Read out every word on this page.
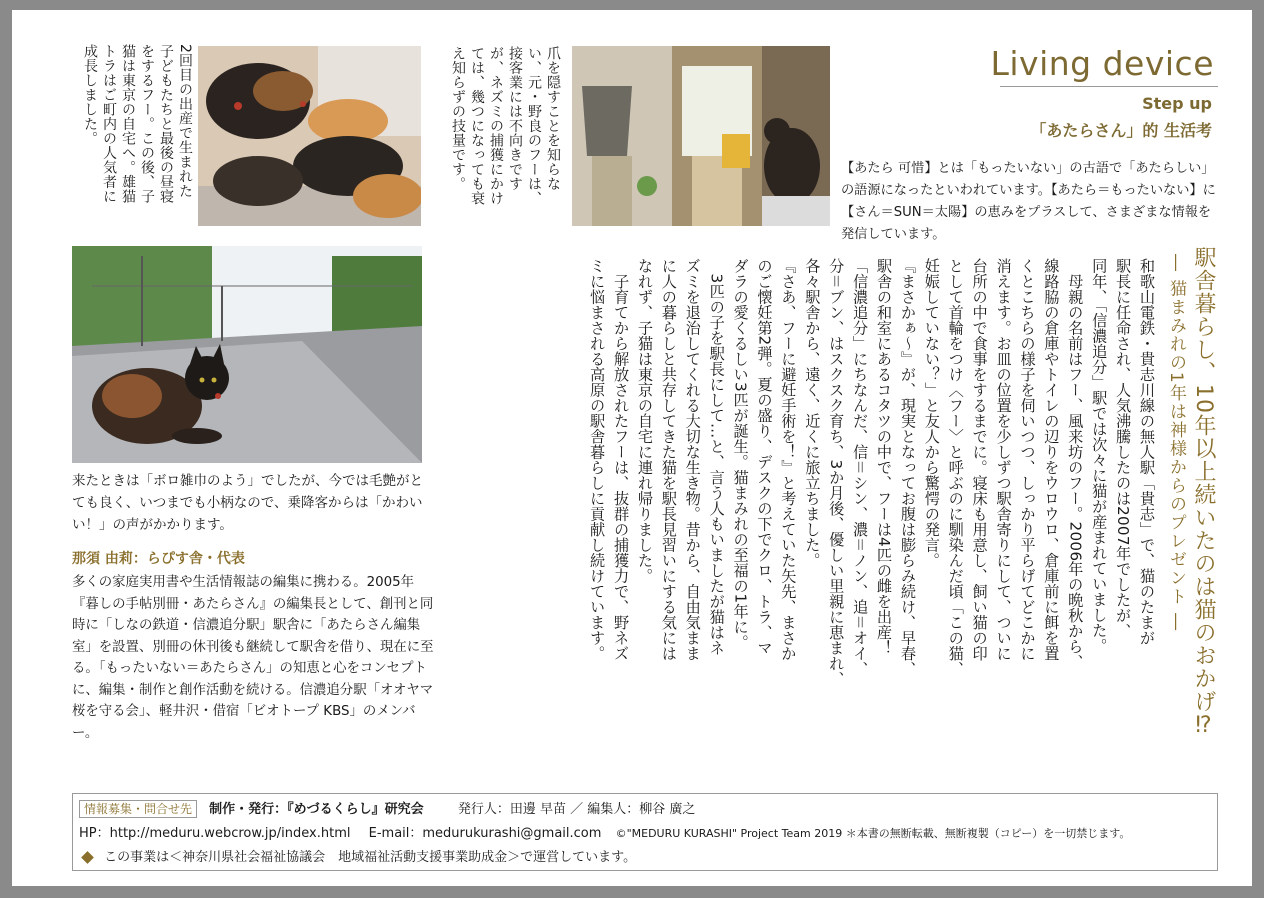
2回目の出産で生まれた
子どもたちと最後の昼寝
をするフー。この後、子
猫は東京の自宅へ。雄猫
トラはご町内の人気者に
成長しました。	爪を隠すことを知らな
い、元・野良のフーは、
接客業には不向きです
が、ネズミの捕獲にかけ
ては、幾つになっても衰
え知らずの技量です。	Living device
Step up
「あたらさん」的 生活考
【あたら 可惜】とは「もったいない」の古語で「あたらしい」の語源になったといわれています。【あたら＝もったいない】に【さん＝SUN＝太陽】の恵みをプラスして、さまざまな情報を発信しています。
駅舎暮らし、10年以上続いたのは猫のおかげ⁉
― 猫まみれの1年は神様からのプレゼント ―
和歌山電鉄・貴志川線の無人駅「貴志」で、猫のたまが
駅長に任命され、人気沸騰したのは2007年でしたが、
同年、「信濃追分」駅では次々に猫が産まれていました。
　母親の名前はフー、風来坊のフー。2006年の晩秋から、
線路脇の倉庫やトイレの辺りをウロウロ、倉庫前に餌を置
くとこちらの様子を伺いつつ、しっかり平らげてどこかに
消えます。お皿の位置を少しずつ駅舎寄りにして、ついに
台所の中で食事をするまでに。寝床も用意し、飼い猫の印
として首輪をつけ〈フー〉と呼ぶのに馴染んだ頃「この猫、
妊娠していない？」と友人から驚愕の発言。
『まさかぁ〜』が、現実となってお腹は膨らみ続け、早春、
駅舎の和室にあるコタツの中で、フーは4匹の雌を出産！
「信濃追分」にちなんだ、信＝シン、濃＝ノン、追＝オイ、
分＝ブン、はスクスク育ち、3か月後、優しい里親に恵まれ、
各々駅舎から、遠く、近くに旅立ちました。
『さあ、フーに避妊手術を！』と考えていた矢先、まさか
のご懐妊第2弾。夏の盛り、デスクの下でクロ、トラ、マ
ダラの愛くるしい3匹が誕生。猫まみれの至福の1年に。
　3匹の子を駅長にして…と、言う人もいましたが猫はネ
ズミを退治してくれる大切な生き物。昔から、自由気まま
に人の暮らしと共存してきた猫を駅長見習いにする気には
なれず、子猫は東京の自宅に連れ帰りました。
　子育てから解放されたフーは、抜群の捕獲力で、野ネズ
ミに悩まされる高原の駅舎暮らしに貢献し続けています。
来たときは「ボロ雑巾のよう」でしたが、今では毛艶がとても良く、いつまでも小柄なので、乗降客からは「かわいい！」の声がかかります。
那須 由莉：らぴす舎・代表
多くの家庭実用書や生活情報誌の編集に携わる。2005年『暮しの手帖別冊・あたらさん』の編集長として、創刊と同時に「しなの鉄道・信濃追分駅」駅舎に「あたらさん編集室」を設置、別冊の休刊後も継続して駅舎を借り、現在に至る。「もったいない＝あたらさん」の知恵と心をコンセプトに、編集・制作と創作活動を続ける。信濃追分駅「オオヤマ桜を守る会」、軽井沢・借宿「ビオトープ KBS」のメンバー。
情報募集・問合せ先 制作・発行：『めづるくらし』研究会	発行人：田邊 早苗 ／ 編集人：柳谷 廣之
HP：http://meduru.webcrow.jp/index.html E-mail：medurukurashi@gmail.com ©"MEDURU KURASHI" Project Team 2019 ＊本書の無断転載、無断複製（コピー）を一切禁じます。
この事業は＜神奈川県社会福祉協議会　地域福祉活動支援事業助成金＞で運営しています。
